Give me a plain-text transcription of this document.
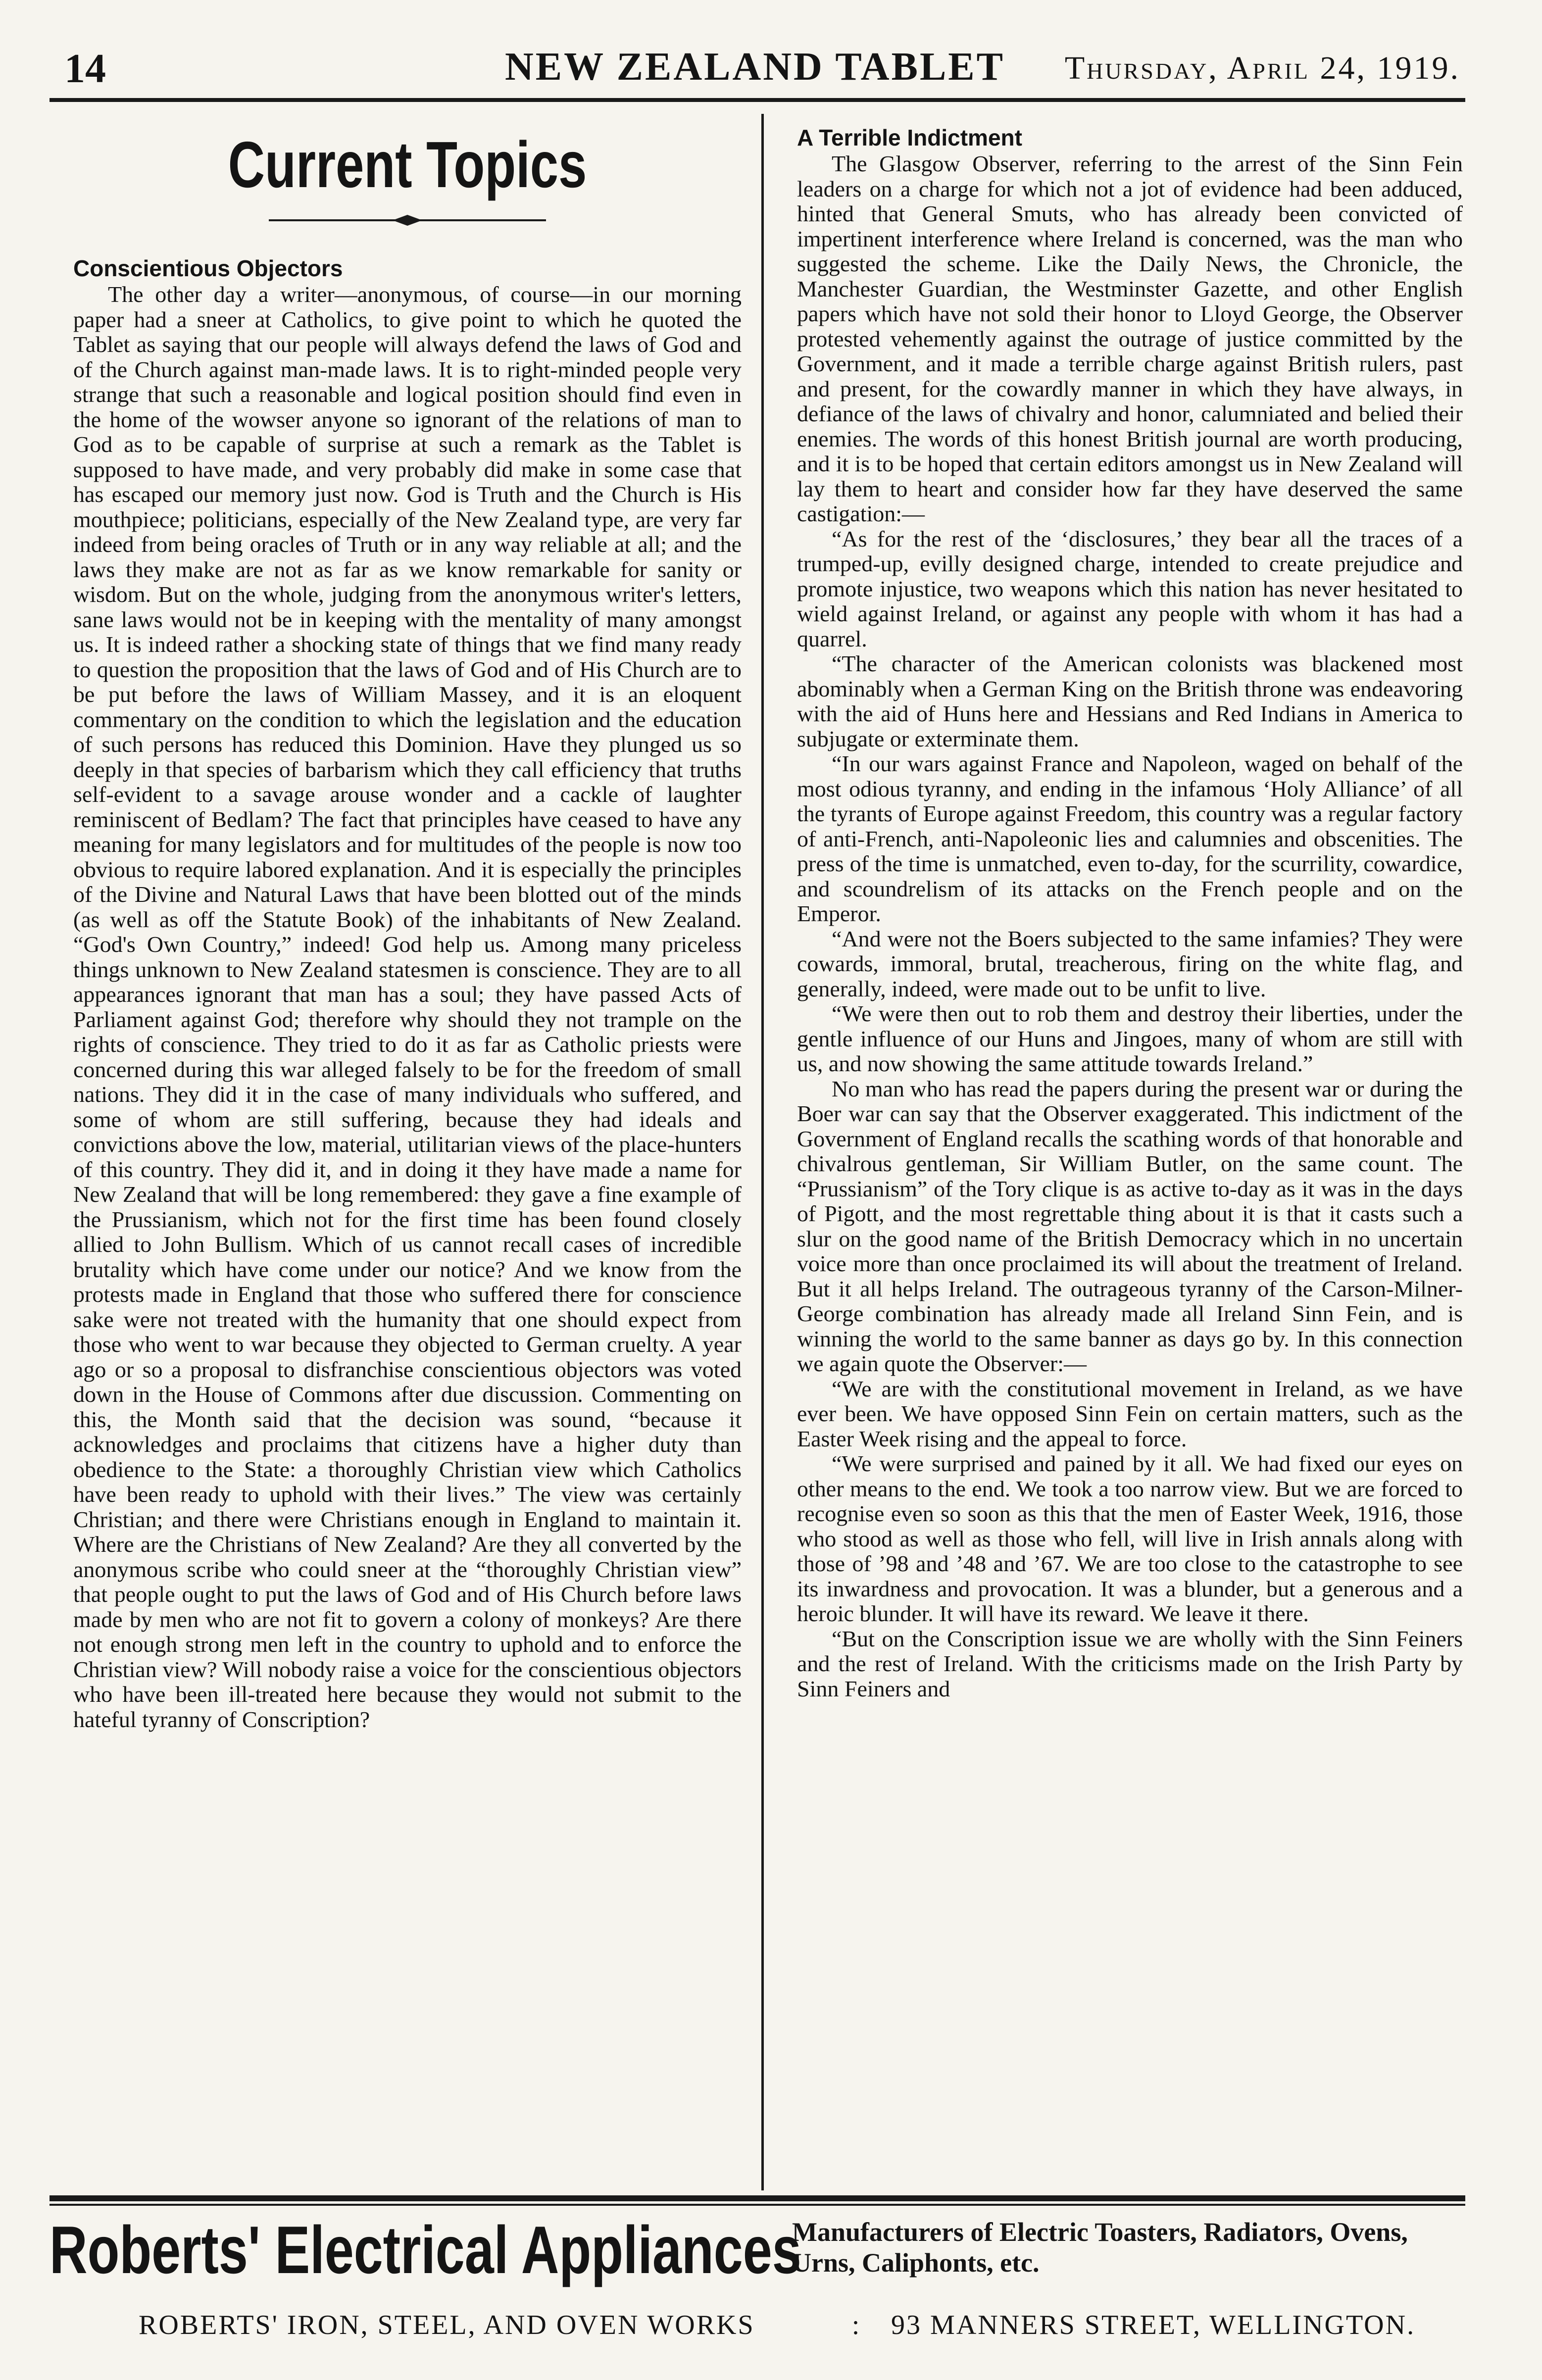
14	NEW ZEALAND TABLET	Thursday, April 24, 1919.
Current Topics
Conscientious Objectors

The other day a writer—anonymous, of course—in our morning paper had a sneer at Catholics, to give point to which he quoted the Tablet as saying that our people will always defend the laws of God and of the Church against man-made laws. It is to right-minded people very strange that such a reasonable and logical position should find even in the home of the wowser anyone so ignorant of the relations of man to God as to be capable of surprise at such a remark as the Tablet is supposed to have made, and very probably did make in some case that has escaped our memory just now. God is Truth and the Church is His mouthpiece; politicians, especially of the New Zealand type, are very far indeed from being oracles of Truth or in any way reliable at all; and the laws they make are not as far as we know remarkable for sanity or wisdom. But on the whole, judging from the anonymous writer's letters, sane laws would not be in keeping with the mentality of many amongst us. It is indeed rather a shocking state of things that we find many ready to question the proposition that the laws of God and of His Church are to be put before the laws of William Massey, and it is an eloquent commentary on the condition to which the legislation and the education of such persons has reduced this Dominion. Have they plunged us so deeply in that species of barbarism which they call efficiency that truths self-evident to a savage arouse wonder and a cackle of laughter reminiscent of Bedlam? The fact that principles have ceased to have any meaning for many legislators and for multitudes of the people is now too obvious to require labored explanation. And it is especially the principles of the Divine and Natural Laws that have been blotted out of the minds (as well as off the Statute Book) of the inhabitants of New Zealand. “God's Own Country,” indeed! God help us. Among many priceless things unknown to New Zealand statesmen is conscience. They are to all appearances ignorant that man has a soul; they have passed Acts of Parliament against God; therefore why should they not trample on the rights of conscience. They tried to do it as far as Catholic priests were concerned during this war alleged falsely to be for the freedom of small nations. They did it in the case of many individuals who suffered, and some of whom are still suffering, because they had ideals and convictions above the low, material, utilitarian views of the place-hunters of this country. They did it, and in doing it they have made a name for New Zealand that will be long remembered: they gave a fine example of the Prussianism, which not for the first time has been found closely allied to John Bullism. Which of us cannot recall cases of incredible brutality which have come under our notice? And we know from the protests made in England that those who suffered there for conscience sake were not treated with the humanity that one should expect from those who went to war because they objected to German cruelty. A year ago or so a proposal to disfranchise conscientious objectors was voted down in the House of Commons after due discussion. Commenting on this, the Month said that the decision was sound, “because it acknowledges and proclaims that citizens have a higher duty than obedience to the State: a thoroughly Christian view which Catholics have been ready to uphold with their lives.” The view was certainly Christian; and there were Christians enough in England to maintain it. Where are the Christians of New Zealand? Are they all converted by the anonymous scribe who could sneer at the “thoroughly Christian view” that people ought to put the laws of God and of His Church before laws made by men who are not fit to govern a colony of monkeys? Are there not enough strong men left in the country to uphold and to enforce the Christian view? Will nobody raise a voice for the conscientious objectors who have been ill-treated here because they would not submit to the hateful tyranny of Conscription?

A Terrible Indictment

The Glasgow Observer, referring to the arrest of the Sinn Fein leaders on a charge for which not a jot of evidence had been adduced, hinted that General Smuts, who has already been convicted of impertinent interference where Ireland is concerned, was the man who suggested the scheme. Like the Daily News, the Chronicle, the Manchester Guardian, the Westminster Gazette, and other English papers which have not sold their honor to Lloyd George, the Observer protested vehemently against the outrage of justice committed by the Government, and it made a terrible charge against British rulers, past and present, for the cowardly manner in which they have always, in defiance of the laws of chivalry and honor, calumniated and belied their enemies. The words of this honest British journal are worth producing, and it is to be hoped that certain editors amongst us in New Zealand will lay them to heart and consider how far they have deserved the same castigation:—

“As for the rest of the ‘disclosures,’ they bear all the traces of a trumped-up, evilly designed charge, intended to create prejudice and promote injustice, two weapons which this nation has never hesitated to wield against Ireland, or against any people with whom it has had a quarrel.

“The character of the American colonists was blackened most abominably when a German King on the British throne was endeavoring with the aid of Huns here and Hessians and Red Indians in America to subjugate or exterminate them.

“In our wars against France and Napoleon, waged on behalf of the most odious tyranny, and ending in the infamous ‘Holy Alliance’ of all the tyrants of Europe against Freedom, this country was a regular factory of anti-French, anti-Napoleonic lies and calumnies and obscenities. The press of the time is unmatched, even to-day, for the scurrility, cowardice, and scoundrelism of its attacks on the French people and on the Emperor.

“And were not the Boers subjected to the same infamies? They were cowards, immoral, brutal, treacherous, firing on the white flag, and generally, indeed, were made out to be unfit to live.

“We were then out to rob them and destroy their liberties, under the gentle influence of our Huns and Jingoes, many of whom are still with us, and now showing the same attitude towards Ireland.”

No man who has read the papers during the present war or during the Boer war can say that the Observer exaggerated. This indictment of the Government of England recalls the scathing words of that honorable and chivalrous gentleman, Sir William Butler, on the same count. The “Prussianism” of the Tory clique is as active to-day as it was in the days of Pigott, and the most regrettable thing about it is that it casts such a slur on the good name of the British Democracy which in no uncertain voice more than once proclaimed its will about the treatment of Ireland. But it all helps Ireland. The outrageous tyranny of the Carson-Milner-George combination has already made all Ireland Sinn Fein, and is winning the world to the same banner as days go by. In this connection we again quote the Observer:—

“We are with the constitutional movement in Ireland, as we have ever been. We have opposed Sinn Fein on certain matters, such as the Easter Week rising and the appeal to force.

“We were surprised and pained by it all. We had fixed our eyes on other means to the end. We took a too narrow view. But we are forced to recognise even so soon as this that the men of Easter Week, 1916, those who stood as well as those who fell, will live in Irish annals along with those of ’98 and ’48 and ’67. We are too close to the catastrophe to see its inwardness and provocation. It was a blunder, but a generous and a heroic blunder. It will have its reward. We leave it there.

“But on the Conscription issue we are wholly with the Sinn Feiners and the rest of Ireland. With the criticisms made on the Irish Party by Sinn Feiners and

Roberts' Electrical Appliances
Manufacturers of Electric Toasters, Radiators, Ovens, Urns, Caliphonts, etc.
ROBERTS' IRON, STEEL, AND OVEN WORKS	: 93 MANNERS STREET, WELLINGTON.
